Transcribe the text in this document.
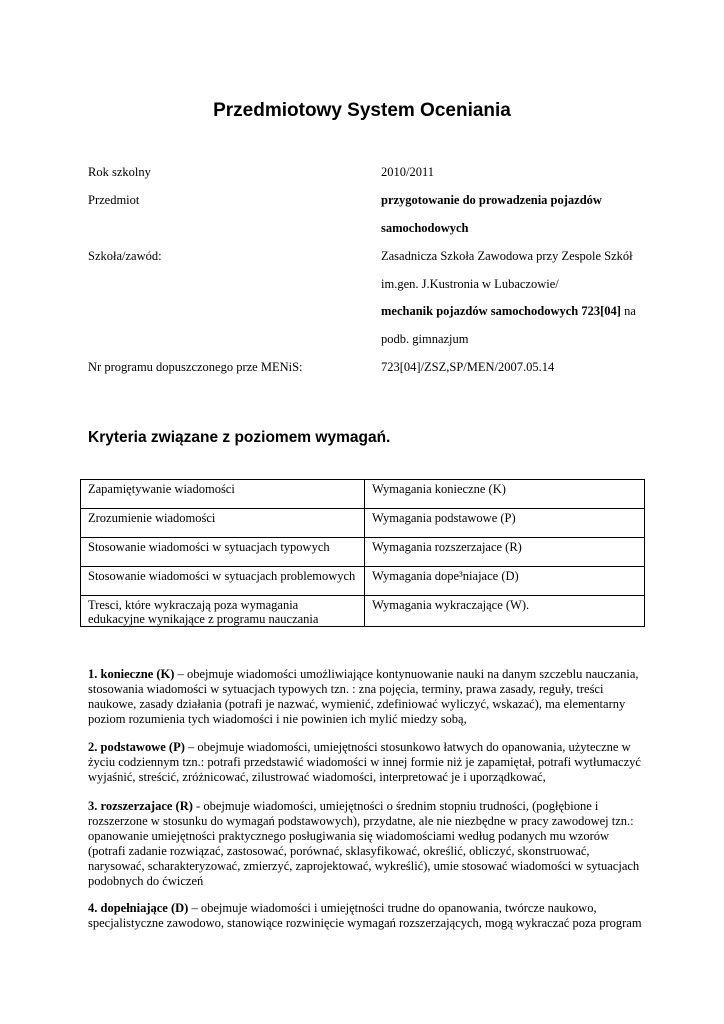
Przedmiotowy System Oceniania
Rok szkolny	2010/2011
Przedmiot	przygotowanie do prowadzenia pojazdów
samochodowych
Szkoła/zawód:	Zasadnicza Szkoła Zawodowa przy Zespole Szkół
im.gen. J.Kustronia w Lubaczowie/
mechanik pojazdów samochodowych 723[04] na
podb. gimnazjum
Nr programu dopuszczonego prze MENiS:	723[04]/ZSZ,SP/MEN/2007.05.14
Kryteria związane z poziomem wymagań.
Zapamiętywanie wiadomości	Wymagania konieczne (K)
Zrozumienie wiadomości	Wymagania podstawowe (P)
Stosowanie wiadomości w sytuacjach typowych	Wymagania rozszerzajace (R)
Stosowanie wiadomości w sytuacjach problemowych	Wymagania dope³niajace (D)
Tresci, które wykraczają poza wymagania edukacyjne wynikające z programu nauczania	Wymagania wykraczające (W).
1. konieczne (K) – obejmuje wiadomości umożliwiające kontynuowanie nauki na danym szczeblu nauczania, stosowania wiadomości w sytuacjach typowych tzn. : zna pojęcia, terminy, prawa zasady, reguły, treści naukowe, zasady działania (potrafi je nazwać, wymienić, zdefiniować wyliczyć, wskazać), ma elementarny poziom rozumienia tych wiadomości i nie powinien ich mylić miedzy sobą,
2. podstawowe (P) – obejmuje wiadomości, umiejętności stosunkowo łatwych do opanowania, użyteczne w życiu codziennym tzn.: potrafi przedstawić wiadomości w innej formie niż je zapamiętał, potrafi wytłumaczyć wyjaśnić, streścić, zróżnicować, zilustrować wiadomości, interpretować je i uporządkować,
3. rozszerzajace (R) - obejmuje wiadomości, umiejętności o średnim stopniu trudności, (pogłębione i rozszerzone w stosunku do wymagań podstawowych), przydatne, ale nie niezbędne w pracy zawodowej tzn.: opanowanie umiejętności praktycznego posługiwania się wiadomościami według podanych mu wzorów (potrafi zadanie rozwiązać, zastosować, porównać, sklasyfikować, określić, obliczyć, skonstruować, narysować, scharakteryzować, zmierzyć, zaprojektować, wykreślić), umie stosować wiadomości w sytuacjach podobnych do ćwiczeń
4. dopełniające (D) – obejmuje wiadomości i umiejętności trudne do opanowania, twórcze naukowo, specjalistyczne zawodowo, stanowiące rozwinięcie wymagań rozszerzających, mogą wykraczać poza program
